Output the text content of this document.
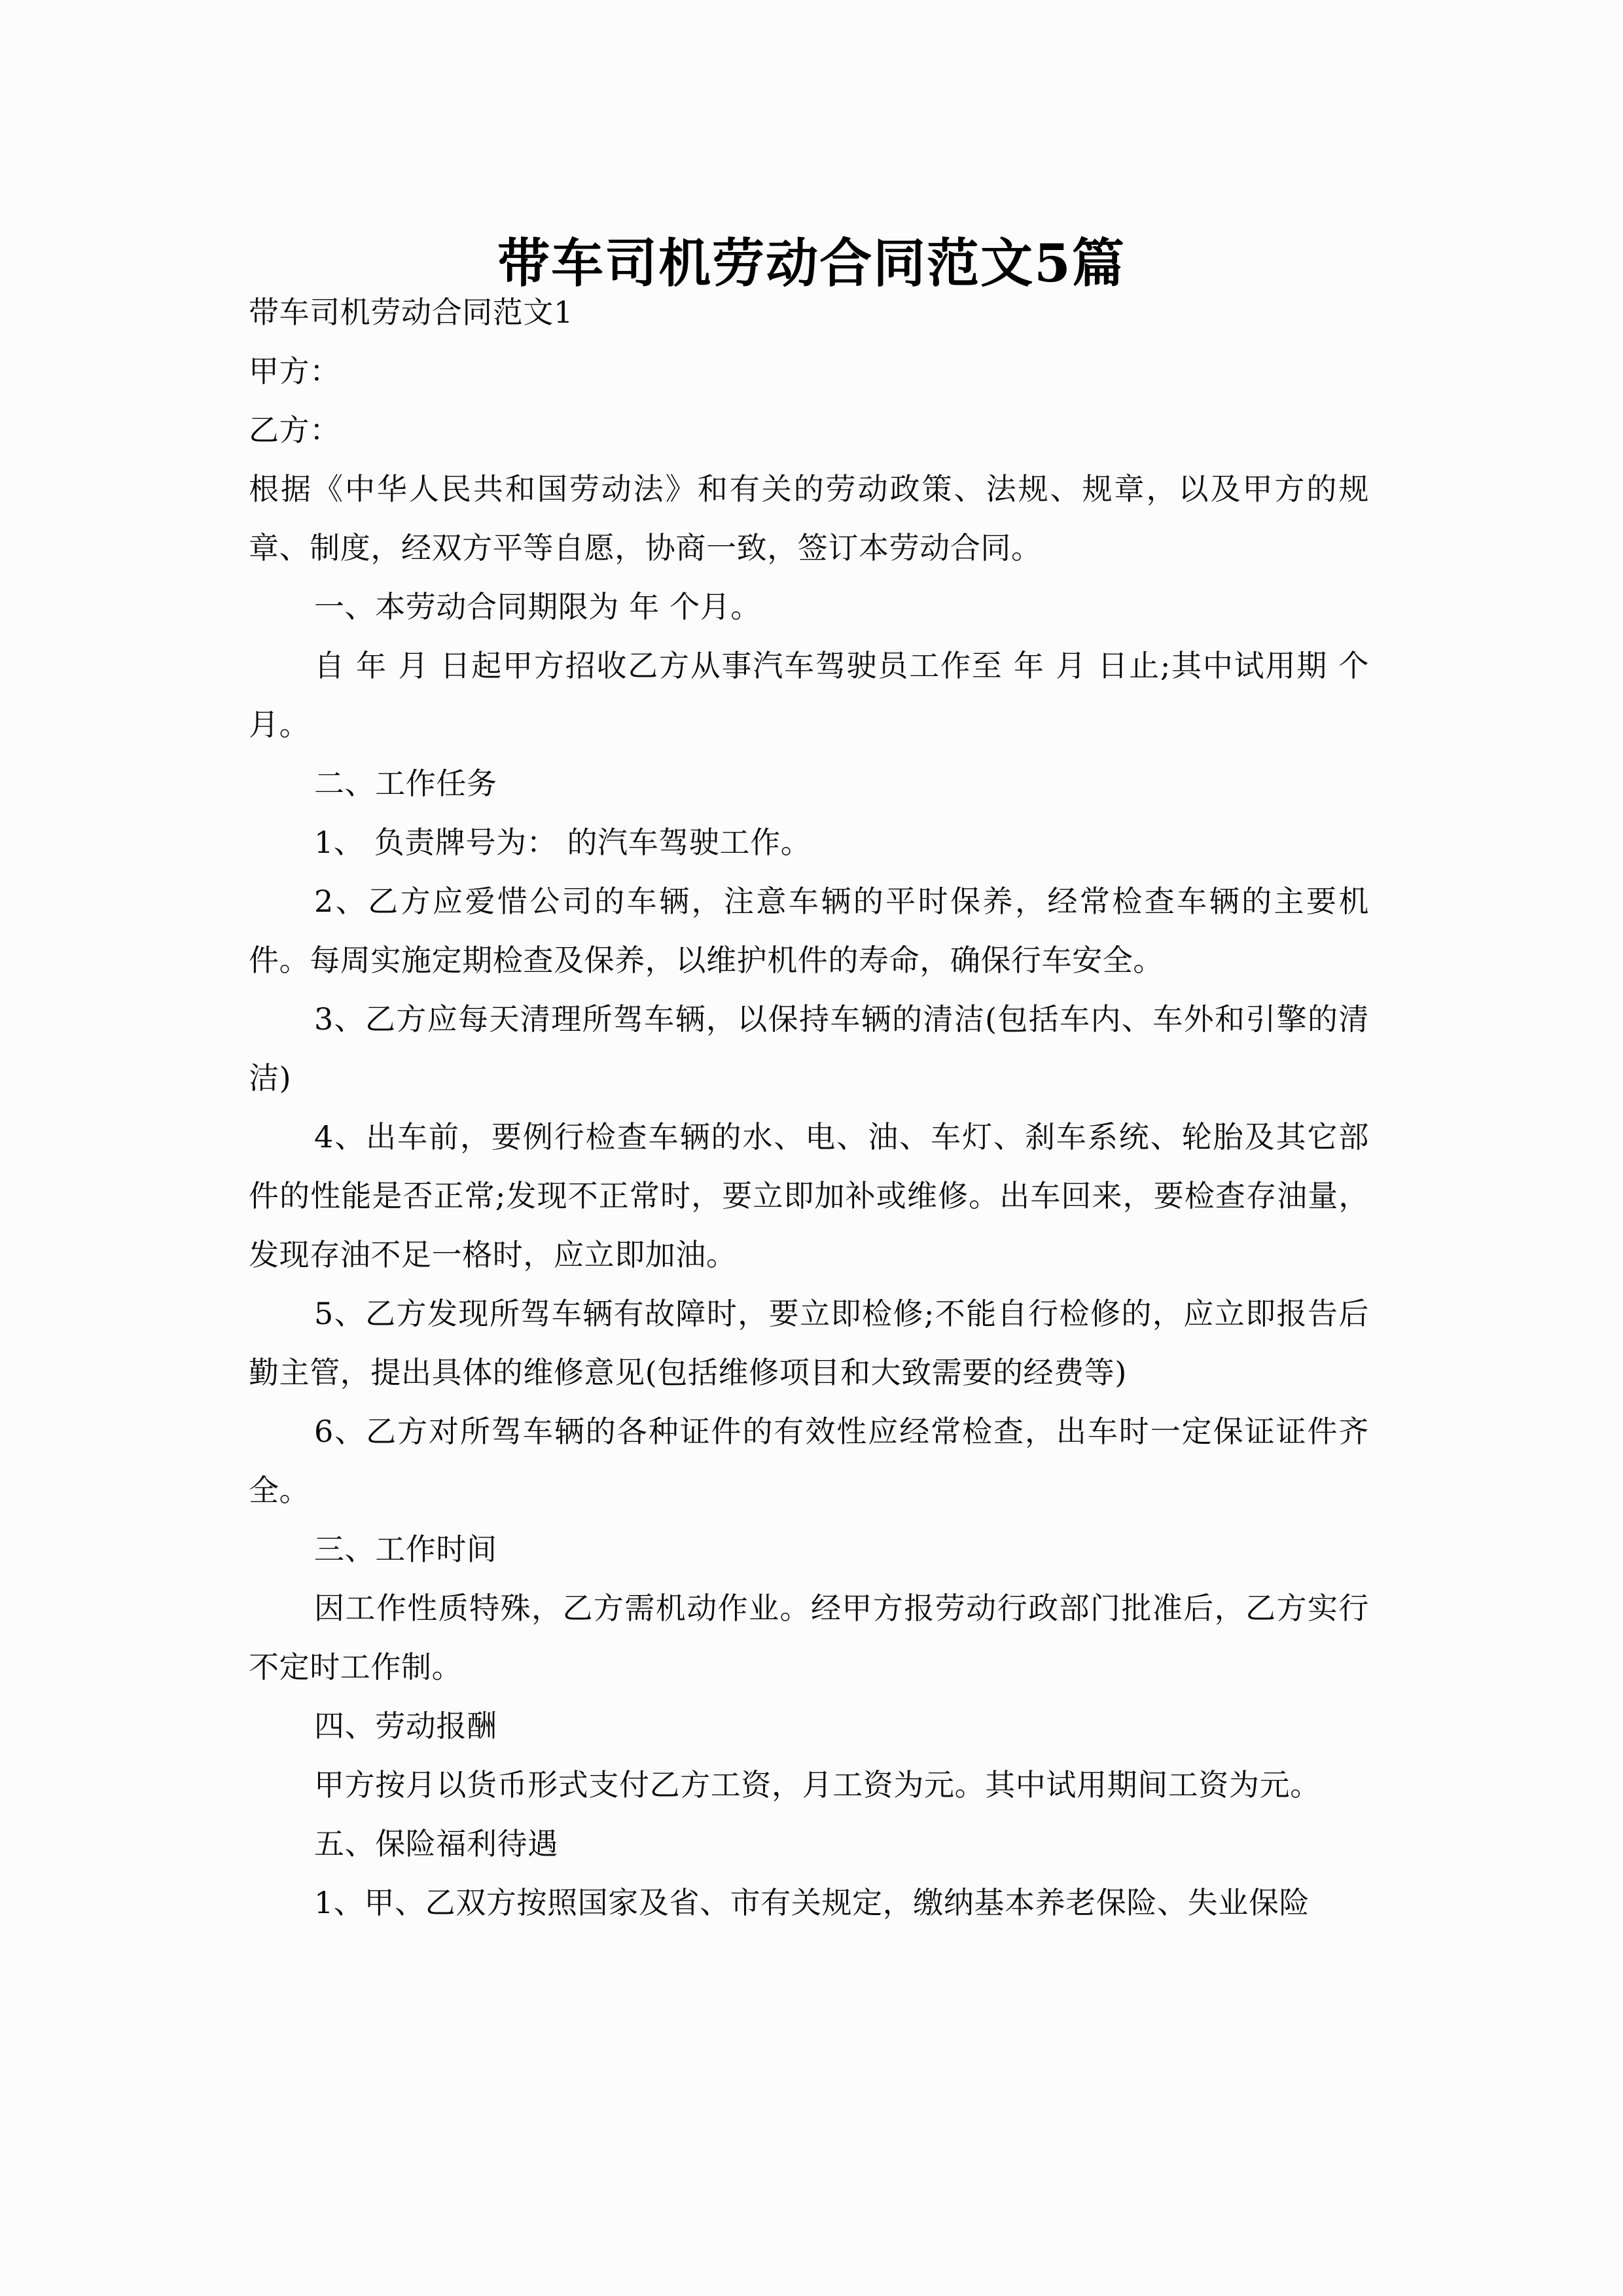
带车司机劳动合同范文5篇

带车司机劳动合同范文1

甲方：

乙方：

根据《中华人民共和国劳动法》和有关的劳动政策、法规、规章，以及甲方的规章、制度，经双方平等自愿，协商一致，签订本劳动合同。

一、本劳动合同期限为 年 个月。

自 年 月 日起甲方招收乙方从事汽车驾驶员工作至 年 月 日止;其中试用期 个月。

二、工作任务

1、 负责牌号为： 的汽车驾驶工作。

2、乙方应爱惜公司的车辆，注意车辆的平时保养，经常检查车辆的主要机件。每周实施定期检查及保养，以维护机件的寿命，确保行车安全。

3、乙方应每天清理所驾车辆，以保持车辆的清洁(包括车内、车外和引擎的清洁)

4、出车前，要例行检查车辆的水、电、油、车灯、刹车系统、轮胎及其它部件的性能是否正常;发现不正常时，要立即加补或维修。出车回来，要检查存油量，发现存油不足一格时，应立即加油。

5、乙方发现所驾车辆有故障时，要立即检修;不能自行检修的，应立即报告后勤主管，提出具体的维修意见(包括维修项目和大致需要的经费等)

6、乙方对所驾车辆的各种证件的有效性应经常检查，出车时一定保证证件齐全。

三、工作时间

因工作性质特殊，乙方需机动作业。经甲方报劳动行政部门批准后，乙方实行不定时工作制。

四、劳动报酬

甲方按月以货币形式支付乙方工资，月工资为元。其中试用期间工资为元。

五、保险福利待遇

1、甲、乙双方按照国家及省、市有关规定，缴纳基本养老保险、失业保险
